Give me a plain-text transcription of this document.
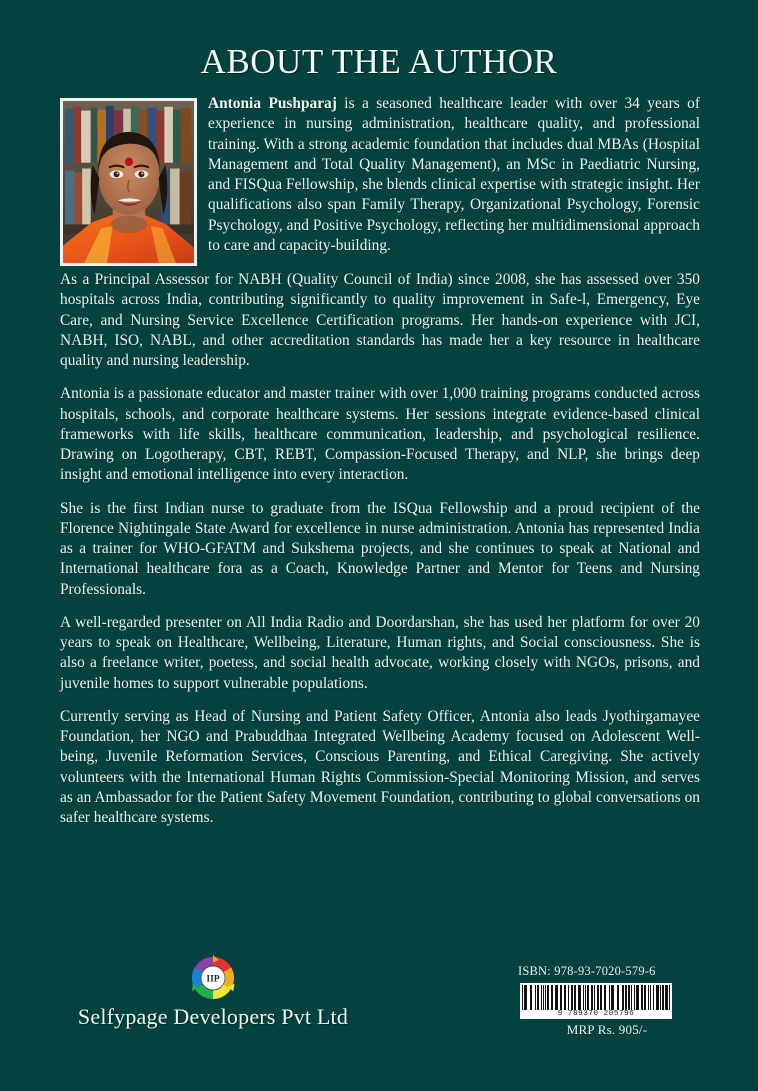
ABOUT THE AUTHOR

Antonia Pushparaj is a seasoned healthcare leader with over 34 years of experience in nursing administration, healthcare quality, and professional training. With a strong academic foundation that includes dual MBAs (Hospital Management and Total Quality Management), an MSc in Paediatric Nursing, and FISQua Fellowship, she blends clinical expertise with strategic insight. Her qualifications also span Family Therapy, Organizational Psychology, Forensic Psychology, and Positive Psychology, reflecting her multidimensional approach to care and capacity-building.

As a Principal Assessor for NABH (Quality Council of India) since 2008, she has assessed over 350 hospitals across India, contributing significantly to quality improvement in Safe-l, Emergency, Eye Care, and Nursing Service Excellence Certification programs. Her hands-on experience with JCI, NABH, ISO, NABL, and other accreditation standards has made her a key resource in healthcare quality and nursing leadership.

Antonia is a passionate educator and master trainer with over 1,000 training programs conducted across hospitals, schools, and corporate healthcare systems. Her sessions integrate evidence-based clinical frameworks with life skills, healthcare communication, leadership, and psychological resilience. Drawing on Logotherapy, CBT, REBT, Compassion-Focused Therapy, and NLP, she brings deep insight and emotional intelligence into every interaction.

She is the first Indian nurse to graduate from the ISQua Fellowship and a proud recipient of the Florence Nightingale State Award for excellence in nurse administration. Antonia has represented India as a trainer for WHO-GFATM and Sukshema projects, and she continues to speak at National and International healthcare fora as a Coach, Knowledge Partner and Mentor for Teens and Nursing Professionals.

A well-regarded presenter on All India Radio and Doordarshan, she has used her platform for over 20 years to speak on Healthcare, Wellbeing, Literature, Human rights, and Social consciousness. She is also a freelance writer, poetess, and social health advocate, working closely with NGOs, prisons, and juvenile homes to support vulnerable populations.

Currently serving as Head of Nursing and Patient Safety Officer, Antonia also leads Jyothirgamayee Foundation, her NGO and Prabuddhaa Integrated Wellbeing Academy focused on Adolescent Well-being, Juvenile Reformation Services, Conscious Parenting, and Ethical Caregiving. She actively volunteers with the International Human Rights Commission-Special Monitoring Mission, and serves as an Ambassador for the Patient Safety Movement Foundation, contributing to global conversations on safer healthcare systems.

IIP
Selfypage Developers Pvt Ltd
ISBN: 978-93-7020-579-6
9 789370 205796
MRP Rs. 905/-
